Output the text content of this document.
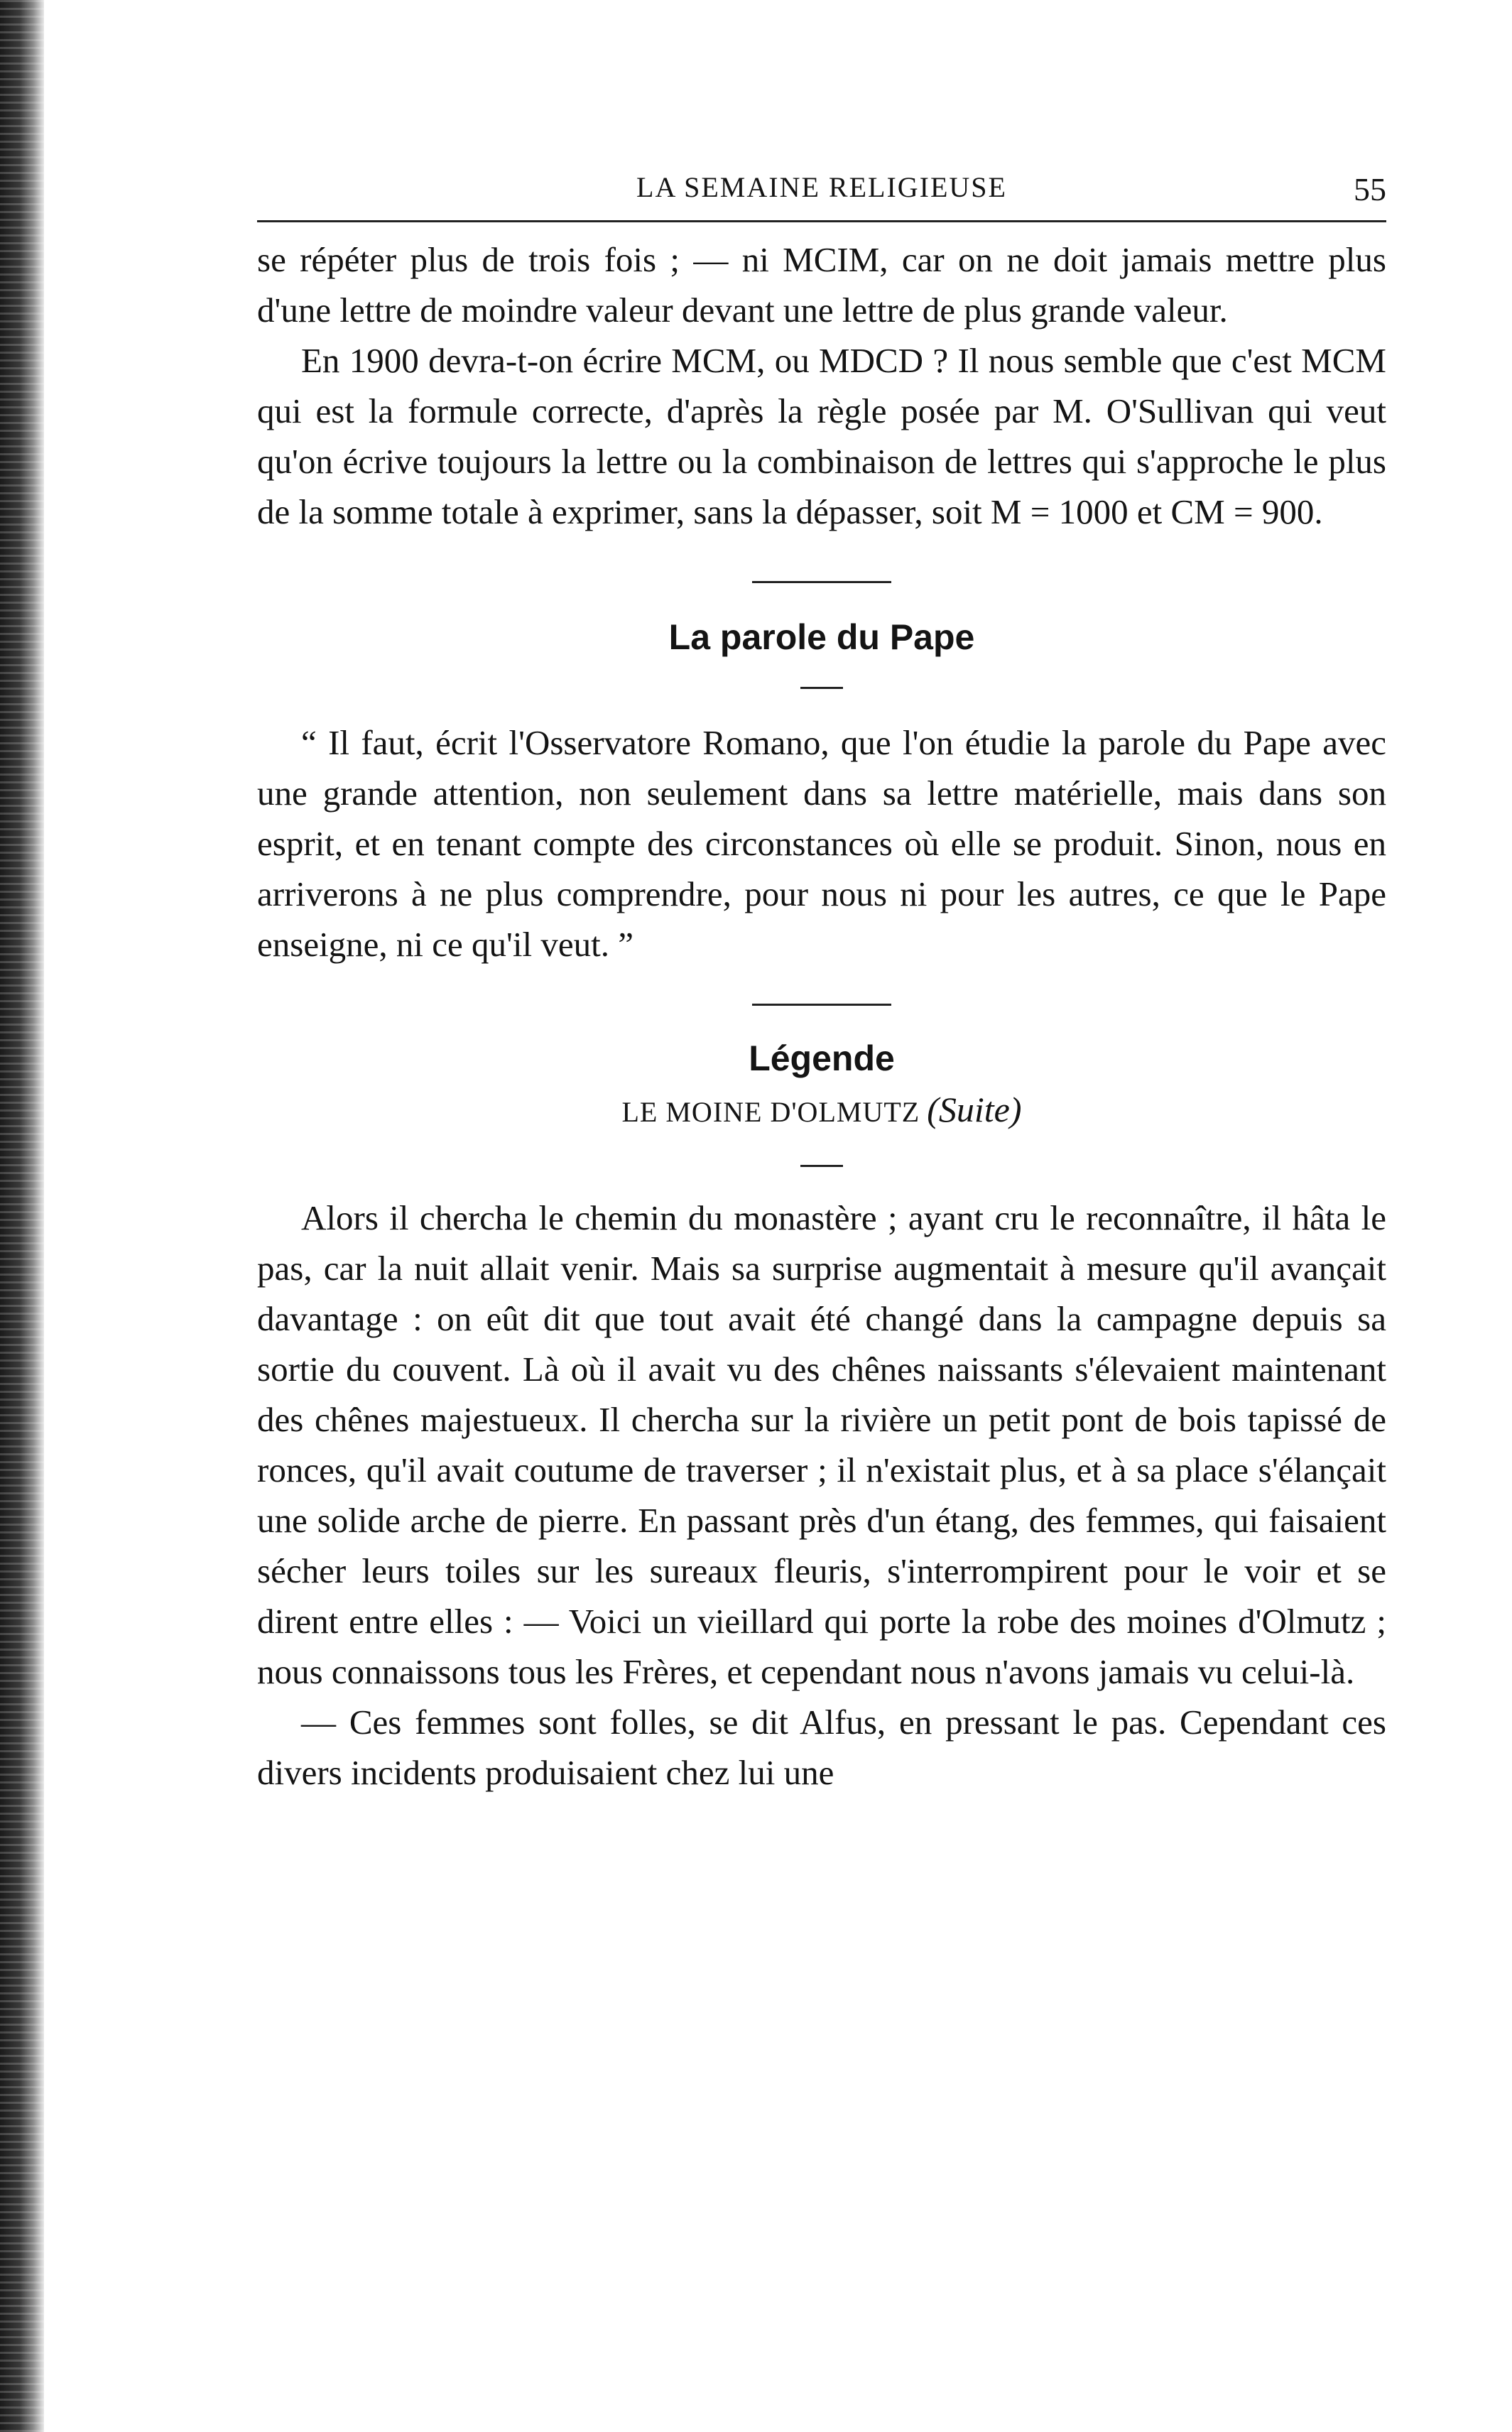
LA SEMAINE RELIGIEUSE	55

se répéter plus de trois fois ; — ni MCIM, car on ne doit jamais mettre plus d'une lettre de moindre valeur devant une lettre de plus grande valeur.

En 1900 devra-t-on écrire MCM, ou MDCD ? Il nous semble que c'est MCM qui est la formule correcte, d'après la règle posée par M. O'Sullivan qui veut qu'on écrive toujours la lettre ou la combinaison de lettres qui s'approche le plus de la somme totale à exprimer, sans la dépasser, soit M = 1000 et CM = 900.

La parole du Pape

“ Il faut, écrit l'Osservatore Romano, que l'on étudie la parole du Pape avec une grande attention, non seulement dans sa lettre matérielle, mais dans son esprit, et en tenant compte des circonstances où elle se produit. Sinon, nous en arriverons à ne plus comprendre, pour nous ni pour les autres, ce que le Pape enseigne, ni ce qu'il veut. ”

Légende
LE MOINE D'OLMUTZ (Suite)

Alors il chercha le chemin du monastère ; ayant cru le reconnaître, il hâta le pas, car la nuit allait venir. Mais sa surprise augmentait à mesure qu'il avançait davantage : on eût dit que tout avait été changé dans la campagne depuis sa sortie du couvent. Là où il avait vu des chênes naissants s'élevaient maintenant des chênes majestueux. Il chercha sur la rivière un petit pont de bois tapissé de ronces, qu'il avait coutume de traverser ; il n'existait plus, et à sa place s'élançait une solide arche de pierre. En passant près d'un étang, des femmes, qui faisaient sécher leurs toiles sur les sureaux fleuris, s'interrompirent pour le voir et se dirent entre elles : — Voici un vieillard qui porte la robe des moines d'Olmutz ; nous connaissons tous les Frères, et cependant nous n'avons jamais vu celui-là.

— Ces femmes sont folles, se dit Alfus, en pressant le pas. Cependant ces divers incidents produisaient chez lui une
